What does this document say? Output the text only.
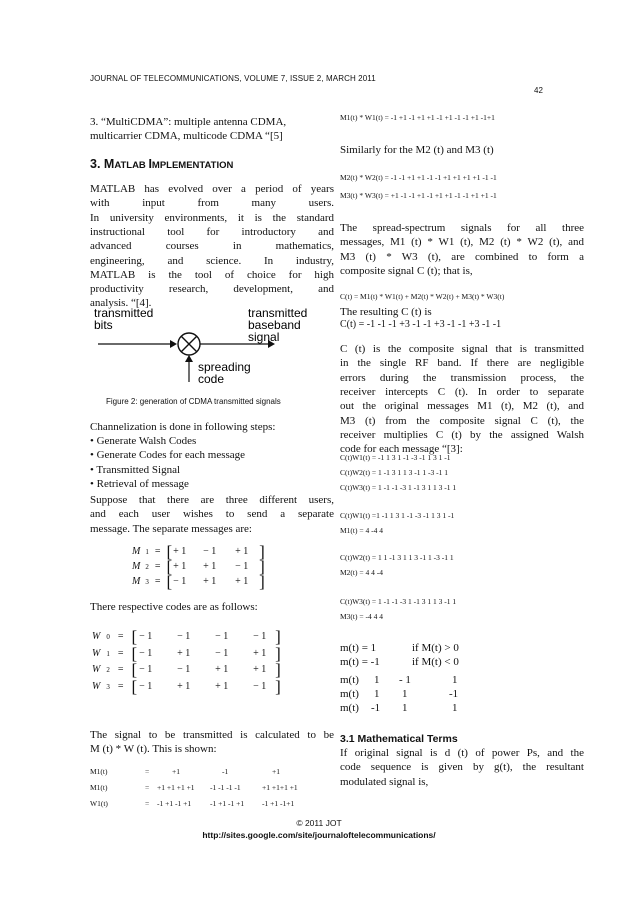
JOURNAL OF TELECOMMUNICATIONS, VOLUME 7, ISSUE 2, MARCH 2011
42
3. “MultiCDMA”: multiple antenna CDMA,
multicarrier CDMA, multicode CDMA “[5]
3. MATLAB IMPLEMENTATION
MATLAB has evolved over a period of years
with input from many users.
In university environments, it is the standard
instructional tool for introductory and
advanced courses in mathematics,
engineering, and science. In industry,
MATLAB is the tool of choice for high
productivity research, development, and
analysis. “[4].
transmitted
bits
transmitted
baseband
signal
spreading
code
Figure 2: generation of CDMA transmitted signals
Channelization is done in following steps:
• Generate Walsh Codes
• Generate Codes for each message
• Transmitted Signal
• Retrieval of message
Suppose that there are three different users,
and each user wishes to send a separate
message. The separate messages are:
M 1 = [+ 1 − 1 + 1 ]
M 2 = [+ 1 + 1 − 1 ]
M 3 = [− 1 + 1 + 1 ]
There respective codes are as follows:
W 0 = [ − 1 − 1 − 1 − 1 ]
W 1 = [ − 1 + 1 − 1 + 1 ]
W 2 = [ − 1 − 1 + 1 + 1 ]
W 3 = [ − 1 + 1 + 1 − 1 ]
The signal to be transmitted is calculated to be
M (t) * W (t). This is shown:
M1(t)	=	+1	-1	+1
M1(t)	= +1 +1 +1 +1 -1 -1 -1 -1	+1 +1+1 +1
W1(t)	= -1 +1 -1 +1	-1 +1 -1 +1 -1 +1 -1+1
M1(t) * W1(t) = -1 +1 -1 +1 +1 -1 +1 -1 -1 +1 -1+1
Similarly for the M2 (t) and M3 (t)
M2(t) * W2(t) = -1 -1 +1 +1 -1 -1 +1 +1 +1 +1 -1 -1
M3(t) * W3(t) = +1 -1 -1 +1 -1 +1 +1 -1 -1 +1 +1 -1
The spread-spectrum signals for all three
messages, M1 (t) * W1 (t), M2 (t) * W2 (t), and
M3 (t) * W3 (t), are combined to form a
composite signal C (t); that is,
C(t) = M1(t) * W1(t) + M2(t) * W2(t) + M3(t) * W3(t)
The resulting C (t) is
C(t) = -1 -1 -1 +3 -1 -1 +3 -1 -1 +3 -1 -1
C (t) is the composite signal that is transmitted
in the single RF band. If there are negligible
errors during the transmission process, the
receiver intercepts C (t). In order to separate
out the original messages M1 (t), M2 (t), and
M3 (t) from the composite signal C (t), the
receiver multiplies C (t) by the assigned Walsh
code for each message “[3]:
C(t)W1(t) = -1 1 3 1 -1 -3 -1 1 3 1 -1
C(t)W2(t) = 1 -1 3 1 1 3 -1 1 -3 -1 1
C(t)W3(t) = 1 -1 -1 -3 1 -1 3 1 1 3 -1 1
C(t)W1(t) =1 -1 1 3 1 -1 -3 -1 1 3 1 -1
M1(t) = 4 -4 4
C(t)W2(t) = 1 1 -1 3 1 1 3 -1 1 -3 -1 1
M2(t) = 4 4 -4
C(t)W3(t) = 1 -1 -1 -3 1 -1 3 1 1 3 -1 1
M3(t) = -4 4 4
m(t) = 1	if M(t) > 0
m(t) = -1	if M(t) < 0
m(t) 1 - 1	1
m(t) 1 1	-1
m(t) -1 1	1
3.1 Mathematical Terms
If original signal is d (t) of power Ps, and the
code sequence is given by g(t), the resultant
modulated signal is,
© 2011 JOT
http://sites.google.com/site/journaloftelecommunications/
